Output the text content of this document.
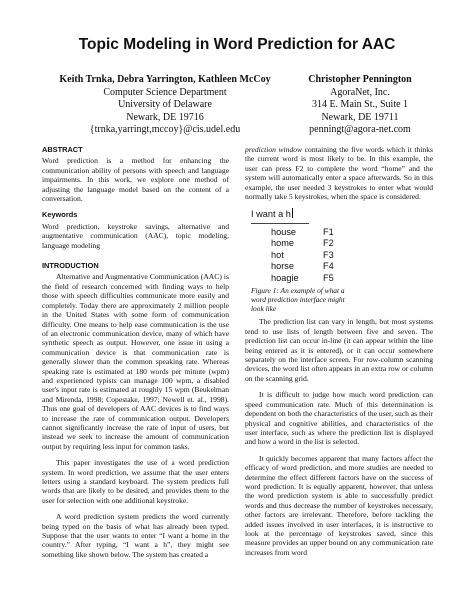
Topic Modeling in Word Prediction for AAC
Keith Trnka, Debra Yarrington, Kathleen McCoy
Computer Science Department
University of Delaware
Newark, DE 19716
{trnka,yarringt,mccoy}@cis.udel.edu
Christopher Pennington
AgoraNet, Inc.
314 E. Main St., Suite 1
Newark, DE 19711
penningt@agora-net.com
ABSTRACT

Word prediction is a method for enhancing the communication ability of persons with speech and language impairments. In this work, we explore one method of adjusting the language model based on the content of a conversation.

Keywords

Word prediction, keystroke savings, alternative and augmentative communication (AAC), topic modeling, language modeling

INTRODUCTION

Alternative and Augmentative Communication (AAC) is the field of research concerned with finding ways to help those with speech difficulties communicate more easily and completely. Today there are approximately 2 million people in the United States with some form of communication difficulty. One means to help ease communication is the use of an electronic communication device, many of which have synthetic speech as output. However, one issue in using a communication device is that communication rate is generally slower than the common speaking rate. Whereas speaking rate is estimated at 180 words per minute (wpm) and experienced typists can manage 100 wpm, a disabled user's input rate is estimated at roughly 15 wpm (Beukelman and Mirenda, 1998; Copestake, 1997; Newell et. al., 1998). Thus one goal of developers of AAC devices is to find ways to increase the rate of communication output. Developers cannot significantly increase the rate of input of users, but instead we seek to increase the amount of communication output by requiring less input for common tasks.

This paper investigates the use of a word prediction system. In word prediction, we assume that the user enters letters using a standard keyboard. The system predicts full words that are likely to be desired, and provides them to the user for selection with one additional keystroke.

A word prediction system predicts the word currently being typed on the basis of what has already been typed. Suppose that the user wants to enter “I want a home in the country.” After typing, “I want a h”, they might see something like shown below. The system has created a

prediction window containing the five words which it thinks the current word is most likely to be. In this example, the user can press F2 to complete the word “home” and the system will automatically enter a space afterwards. So in this example, the user needed 3 keystrokes to enter what would normally take 5 keystrokes, when the space is considered.

I want a h
house	F1
home	F2
hot	F3
horse	F4
hoagie	F5
Figure 1: An example of what a word prediction interface might look like

The prediction list can vary in length, but most systems tend to use lists of length between five and seven. The prediction list can occur in-line (it can appear within the line being entered as it is entered), or it can occur somewhere separately on the interface screen. For row-column scanning devices, the word list often appears in an extra row or column on the scanning grid.

It is difficult to judge how much word prediction can speed communication rate. Much of this determination is dependent on both the characteristics of the user, such as their physical and cognitive abilities, and characteristics of the user interface, such as where the prediction list is displayed and how a word in the list is selected.

It quickly becomes apparent that many factors affect the efficacy of word prediction, and more studies are needed to determine the effect different factors have on the success of word prediction. It is equally apparent, however, that unless the word prediction system is able to successfully predict words and thus decrease the number of keystrokes necessary, other factors are irrelevant. Therefore, before tackling the added issues involved in user interfaces, it is instructive to look at the percentage of keystrokes saved, since this measure provides an upper bound on any communication rate increases from word
